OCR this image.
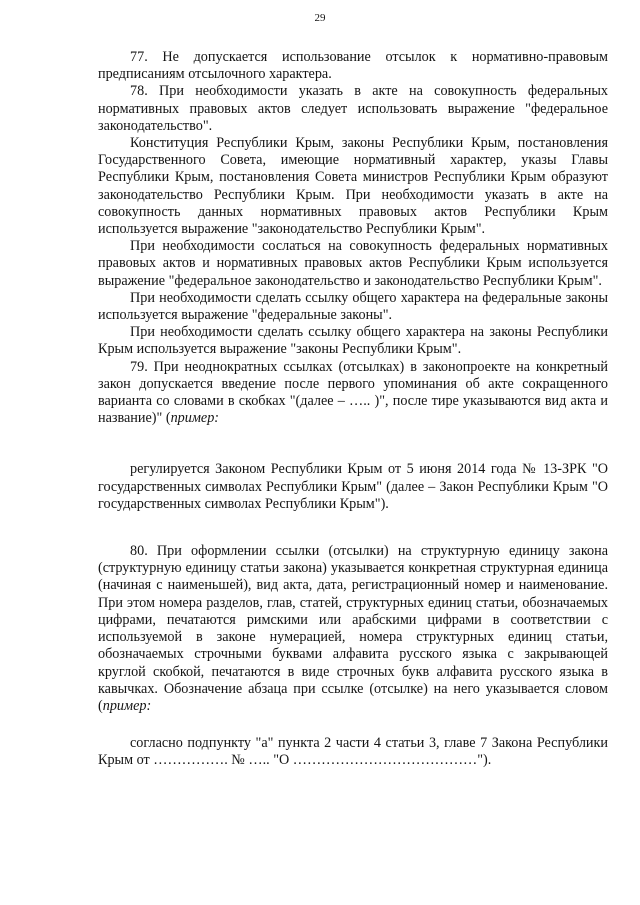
29

77. Не допускается использование отсылок к нормативно-правовым предписаниям отсылочного характера.

78. При необходимости указать в акте на совокупность федеральных нормативных правовых актов следует использовать выражение "федеральное законодательство".

Конституция Республики Крым, законы Республики Крым, постановления Государственного Совета, имеющие нормативный характер, указы Главы Республики Крым, постановления Совета министров Республики Крым образуют законодательство Республики Крым. При необходимости указать в акте на совокупность данных нормативных правовых актов Республики Крым используется выражение "законодательство Республики Крым".

При необходимости сослаться на совокупность федеральных нормативных правовых актов и нормативных правовых актов Республики Крым используется выражение "федеральное законодательство и законодательство Республики Крым".

При необходимости сделать ссылку общего характера на федеральные законы используется выражение "федеральные законы".

При необходимости сделать ссылку общего характера на законы Республики Крым используется выражение "законы Республики Крым".

79. При неоднократных ссылках (отсылках) в законопроекте на конкретный закон допускается введение после первого упоминания об акте сокращенного варианта со словами в скобках "(далее – ….. )", после тире указываются вид акта и название)" (пример:

регулируется Законом Республики Крым от 5 июня 2014 года № 13-ЗРК "О государственных символах Республики Крым" (далее – Закон Республики Крым "О государственных символах Республики Крым").

80. При оформлении ссылки (отсылки) на структурную единицу закона (структурную единицу статьи закона) указывается конкретная структурная единица (начиная с наименьшей), вид акта, дата, регистрационный номер и наименование. При этом номера разделов, глав, статей, структурных единиц статьи, обозначаемых цифрами, печатаются римскими или арабскими цифрами в соответствии с используемой в законе нумерацией, номера структурных единиц статьи, обозначаемых строчными буквами алфавита русского языка с закрывающей круглой скобкой, печатаются в виде строчных букв алфавита русского языка в кавычках. Обозначение абзаца при ссылке (отсылке) на него указывается словом (пример:

согласно подпункту "а" пункта 2 части 4 статьи 3, главе 7 Закона Республики Крым от ……………. № ….. "О …………………………………").
